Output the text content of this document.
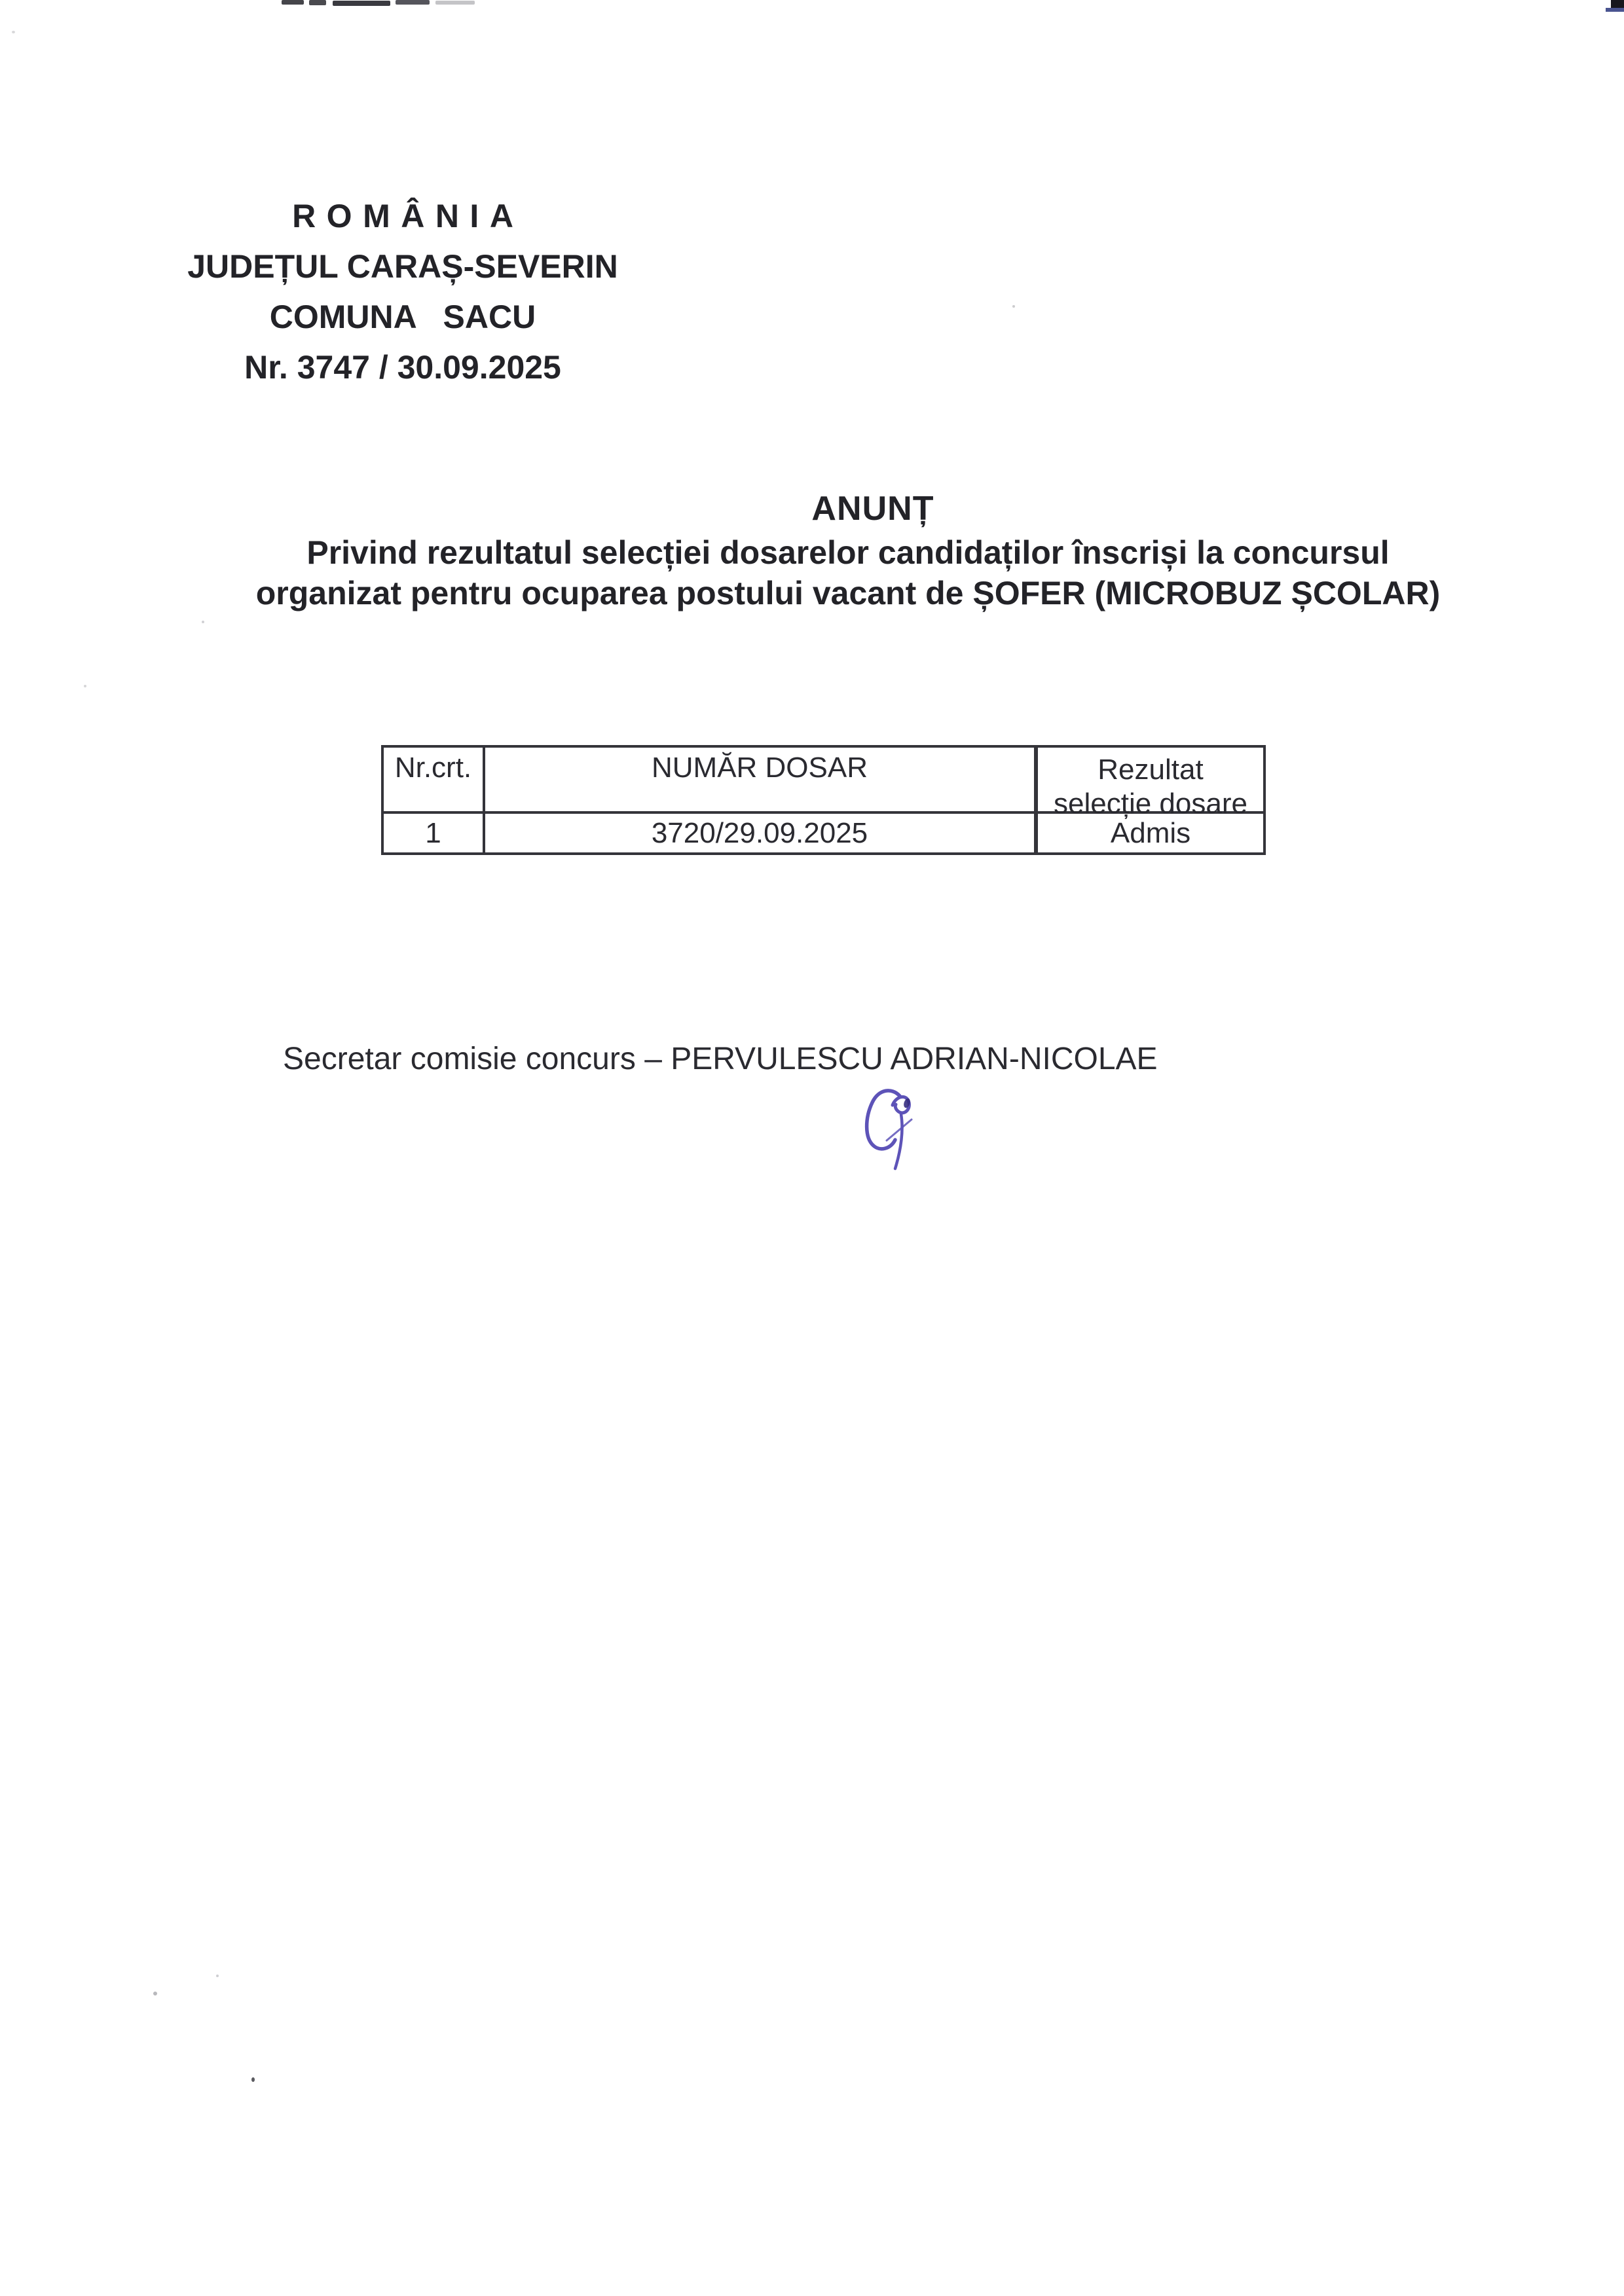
ROMÂNIA
JUDEȚUL CARAȘ-SEVERIN
COMUNA   SACU
Nr. 3747 / 30.09.2025
ANUNȚ
Privind rezultatul selecției dosarelor candidaților înscriși la concursul
organizat pentru ocuparea postului vacant de ȘOFER (MICROBUZ ȘCOLAR)
Nr.crt.	NUMĂR DOSAR	Rezultat
selecție dosare
1	3720/29.09.2025	Admis
Secretar comisie concurs – PERVULESCU ADRIAN-NICOLAE
